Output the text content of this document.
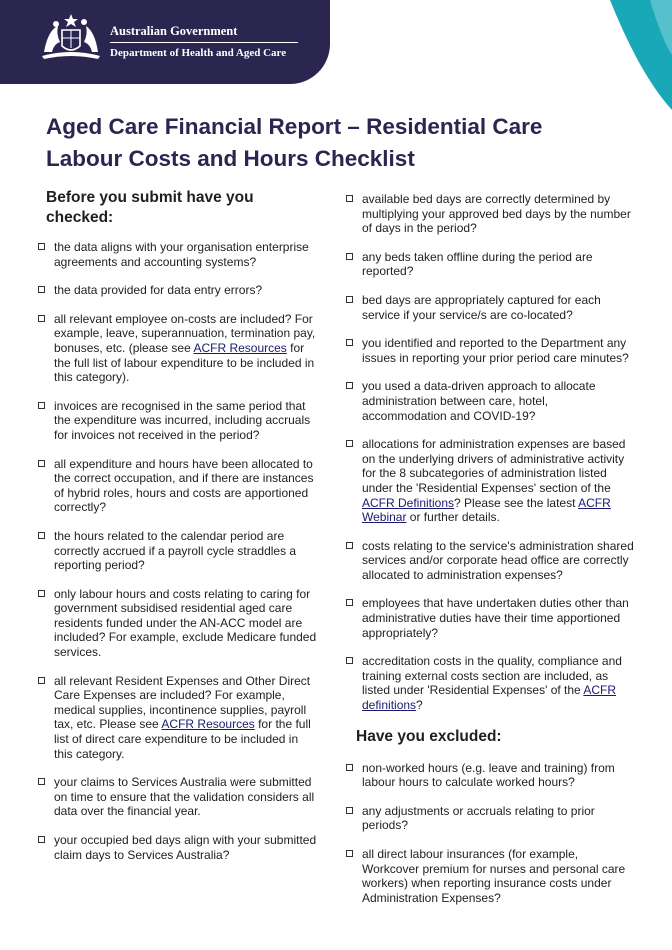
Australian Government
Department of Health and Aged Care
Aged Care Financial Report – Residential Care
Labour Costs and Hours Checklist
Before you submit have you checked:
the data aligns with your organisation enterprise agreements and accounting systems?
the data provided for data entry errors?
all relevant employee on-costs are included? For example, leave, superannuation, termination pay, bonuses, etc. (please see ACFR Resources for the full list of labour expenditure to be included in this category).
invoices are recognised in the same period that the expenditure was incurred, including accruals for invoices not received in the period?
all expenditure and hours have been allocated to the correct occupation, and if there are instances of hybrid roles, hours and costs are apportioned correctly?
the hours related to the calendar period are correctly accrued if a payroll cycle straddles a reporting period?
only labour hours and costs relating to caring for government subsidised residential aged care residents funded under the AN-ACC model are included? For example, exclude Medicare funded services.
all relevant Resident Expenses and Other Direct Care Expenses are included? For example, medical supplies, incontinence supplies, payroll tax, etc. Please see ACFR Resources for the full list of direct care expenditure to be included in this category.
your claims to Services Australia were submitted on time to ensure that the validation considers all data over the financial year.
your occupied bed days align with your submitted claim days to Services Australia?
available bed days are correctly determined by multiplying your approved bed days by the number of days in the period?
any beds taken offline during the period are reported?
bed days are appropriately captured for each service if your service/s are co-located?
you identified and reported to the Department any issues in reporting your prior period care minutes?
you used a data-driven approach to allocate administration between care, hotel, accommodation and COVID-19?
allocations for administration expenses are based on the underlying drivers of administrative activity for the 8 subcategories of administration listed under the 'Residential Expenses' section of the ACFR Definitions? Please see the latest ACFR Webinar or further details.
costs relating to the service's administration shared services and/or corporate head office are correctly allocated to administration expenses?
employees that have undertaken duties other than administrative duties have their time apportioned appropriately?
accreditation costs in the quality, compliance and training external costs section are included, as listed under 'Residential Expenses' of the ACFR definitions?
Have you excluded:
non-worked hours (e.g. leave and training) from labour hours to calculate worked hours?
any adjustments or accruals relating to prior periods?
all direct labour insurances (for example, Workcover premium for nurses and personal care workers) when reporting insurance costs under Administration Expenses?
